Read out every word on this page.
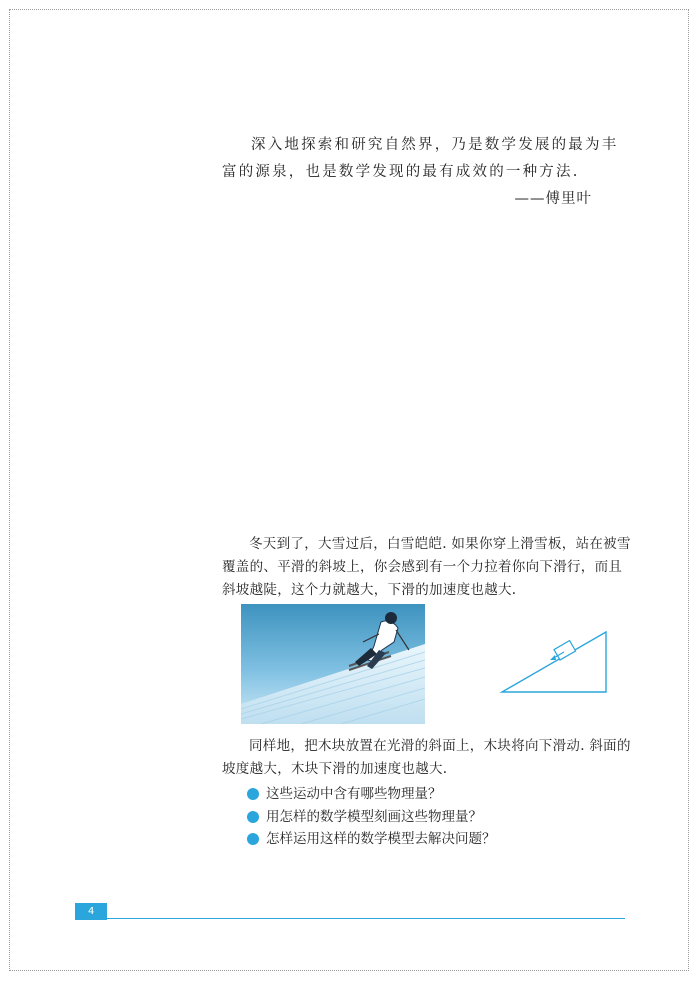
深入地探索和研究自然界，乃是数学发展的最为丰富的源泉，也是数学发现的最有成效的一种方法.

——傅里叶

冬天到了，大雪过后，白雪皑皑. 如果你穿上滑雪板，站在被雪覆盖的、平滑的斜坡上，你会感到有一个力拉着你向下滑行，而且斜坡越陡，这个力就越大，下滑的加速度也越大.

同样地，把木块放置在光滑的斜面上，木块将向下滑动. 斜面的坡度越大，木块下滑的加速度也越大.

这些运动中含有哪些物理量？
用怎样的数学模型刻画这些物理量？
怎样运用这样的数学模型去解决问题？
4
